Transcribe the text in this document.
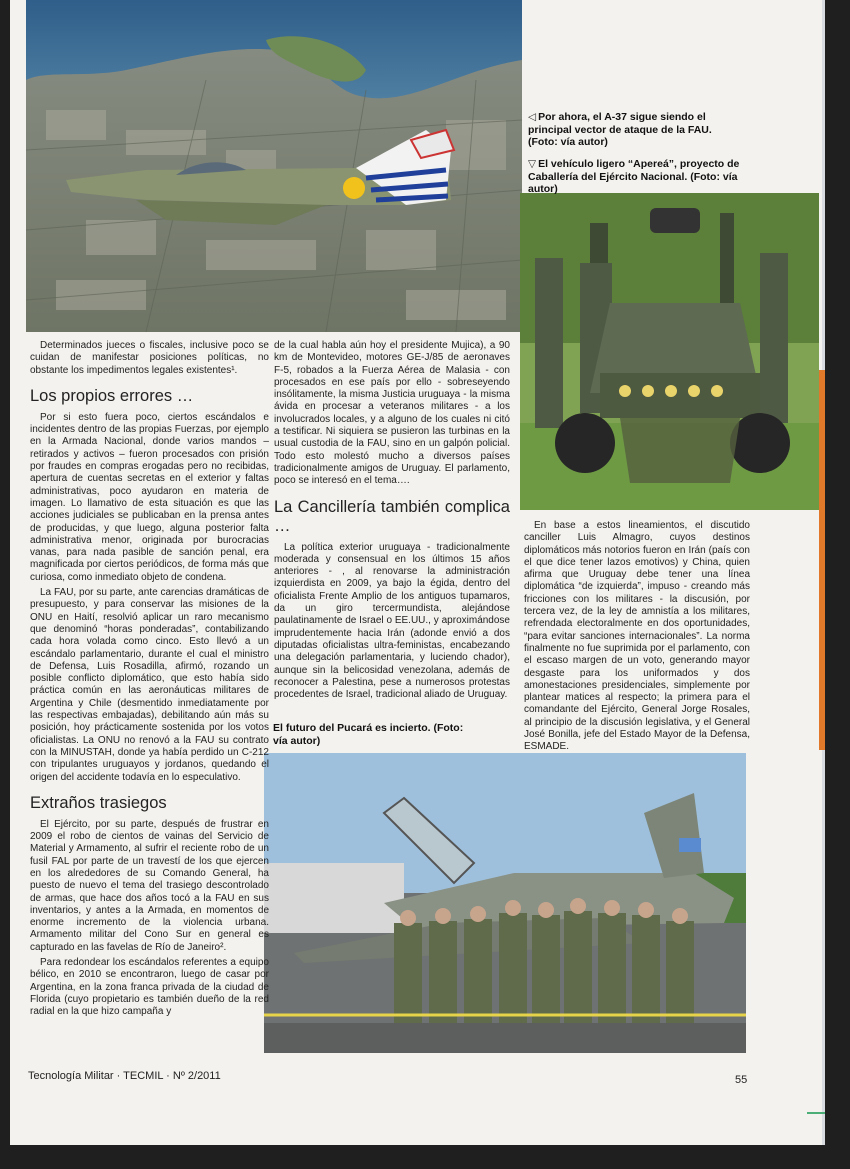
◁ Por ahora, el A-37 sigue siendo el principal vector de ataque de la FAU. (Foto: vía autor)
▽ El vehículo ligero “Apereá”, proyecto de Caballería del Ejército Nacional. (Foto: vía autor)
El futuro del Pucará es incierto. (Foto: vía autor)

Determinados jueces o fiscales, inclusive poco se cuidan de manifestar posiciones políticas, no obstante los impedimentos legales existentes¹.

Los propios errores …

Por si esto fuera poco, ciertos escándalos e incidentes dentro de las propias Fuerzas, por ejemplo en la Armada Nacional, donde varios mandos – retirados y activos – fueron procesados con prisión por fraudes en compras erogadas pero no recibidas, apertura de cuentas secretas en el exterior y faltas administrativas, poco ayudaron en materia de imagen. Lo llamativo de esta situación es que las acciones judiciales se publicaban en la prensa antes de producidas, y que luego, alguna posterior falta administrativa menor, originada por burocracias vanas, para nada pasible de sanción penal, era magnificada por ciertos periódicos, de forma más que curiosa, como inmediato objeto de condena.

La FAU, por su parte, ante carencias dramáticas de presupuesto, y para conservar las misiones de la ONU en Haití, resolvió aplicar un raro mecanismo que denominó “horas ponderadas”, contabilizando cada hora volada como cinco. Esto llevó a un escándalo parlamentario, durante el cual el ministro de Defensa, Luis Rosadilla, afirmó, rozando un posible conflicto diplomático, que esto había sido práctica común en las aeronáuticas militares de Argentina y Chile (desmentido inmediatamente por las respectivas embajadas), debilitando aún más su posición, hoy prácticamente sostenida por los votos oficialistas. La ONU no renovó a la FAU su contrato con la MINUSTAH, donde ya había perdido un C-212 con tripulantes uruguayos y jordanos, quedando el origen del accidente todavía en lo especulativo.

Extraños trasiegos

El Ejército, por su parte, después de frustrar en 2009 el robo de cientos de vainas del Servicio de Material y Armamento, al sufrir el reciente robo de un fusil FAL por parte de un travestí de los que ejercen en los alrededores de su Comando General, ha puesto de nuevo el tema del trasiego descontrolado de armas, que hace dos años tocó a la FAU en sus inventarios, y antes a la Armada, en momentos de enorme incremento de la violencia urbana. Armamento militar del Cono Sur en general es capturado en las favelas de Río de Janeiro².

Para redondear los escándalos referentes a equipo bélico, en 2010 se encontraron, luego de casar por Argentina, en la zona franca privada de la ciudad de Florida (cuyo propietario es también dueño de la red radial en la que hizo campaña y

de la cual habla aún hoy el presidente Mujica), a 90 km de Montevideo, motores GE-J/85 de aeronaves F-5, robados a la Fuerza Aérea de Malasia - con procesados en ese país por ello - sobreseyendo insólitamente, la misma Justicia uruguaya - la misma ávida en procesar a veteranos militares - a los involucrados locales, y a alguno de los cuales ni citó a testificar. Ni siquiera se pusieron las turbinas en la usual custodia de la FAU, sino en un galpón policial. Todo esto molestó mucho a diversos países tradicionalmente amigos de Uruguay. El parlamento, poco se interesó en el tema….

La Cancillería también complica …

La política exterior uruguaya - tradicionalmente moderada y consensual en los últimos 15 años anteriores - , al renovarse la administración izquierdista en 2009, ya bajo la égida, dentro del oficialista Frente Amplio de los antiguos tupamaros, da un giro tercermundista, alejándose paulatinamente de Israel o EE.UU., y aproximándose imprudentemente hacia Irán (adonde envió a dos diputadas oficialistas ultra-feministas, encabezando una delegación parlamentaria, y luciendo chador), aunque sin la belicosidad venezolana, además de reconocer a Palestina, pese a numerosos protestas procedentes de Israel, tradicional aliado de Uruguay.

En base a estos lineamientos, el discutido canciller Luis Almagro, cuyos destinos diplomáticos más notorios fueron en Irán (país con el que dice tener lazos emotivos) y China, quien afirma que Uruguay debe tener una línea diplomática “de izquierda”, impuso - creando más fricciones con los militares - la discusión, por tercera vez, de la ley de amnistía a los militares, refrendada electoralmente en dos oportunidades, “para evitar sanciones internacionales”. La norma finalmente no fue suprimida por el parlamento, con el escaso margen de un voto, generando mayor desgaste para los uniformados y dos amonestaciones presidenciales, simplemente por plantear matices al respecto; la primera para el comandante del Ejército, General Jorge Rosales, al principio de la discusión legislativa, y el General José Bonilla, jefe del Estado Mayor de la Defensa, ESMADE.

Tecnología Militar · TECMIL · Nº 2/2011	55
